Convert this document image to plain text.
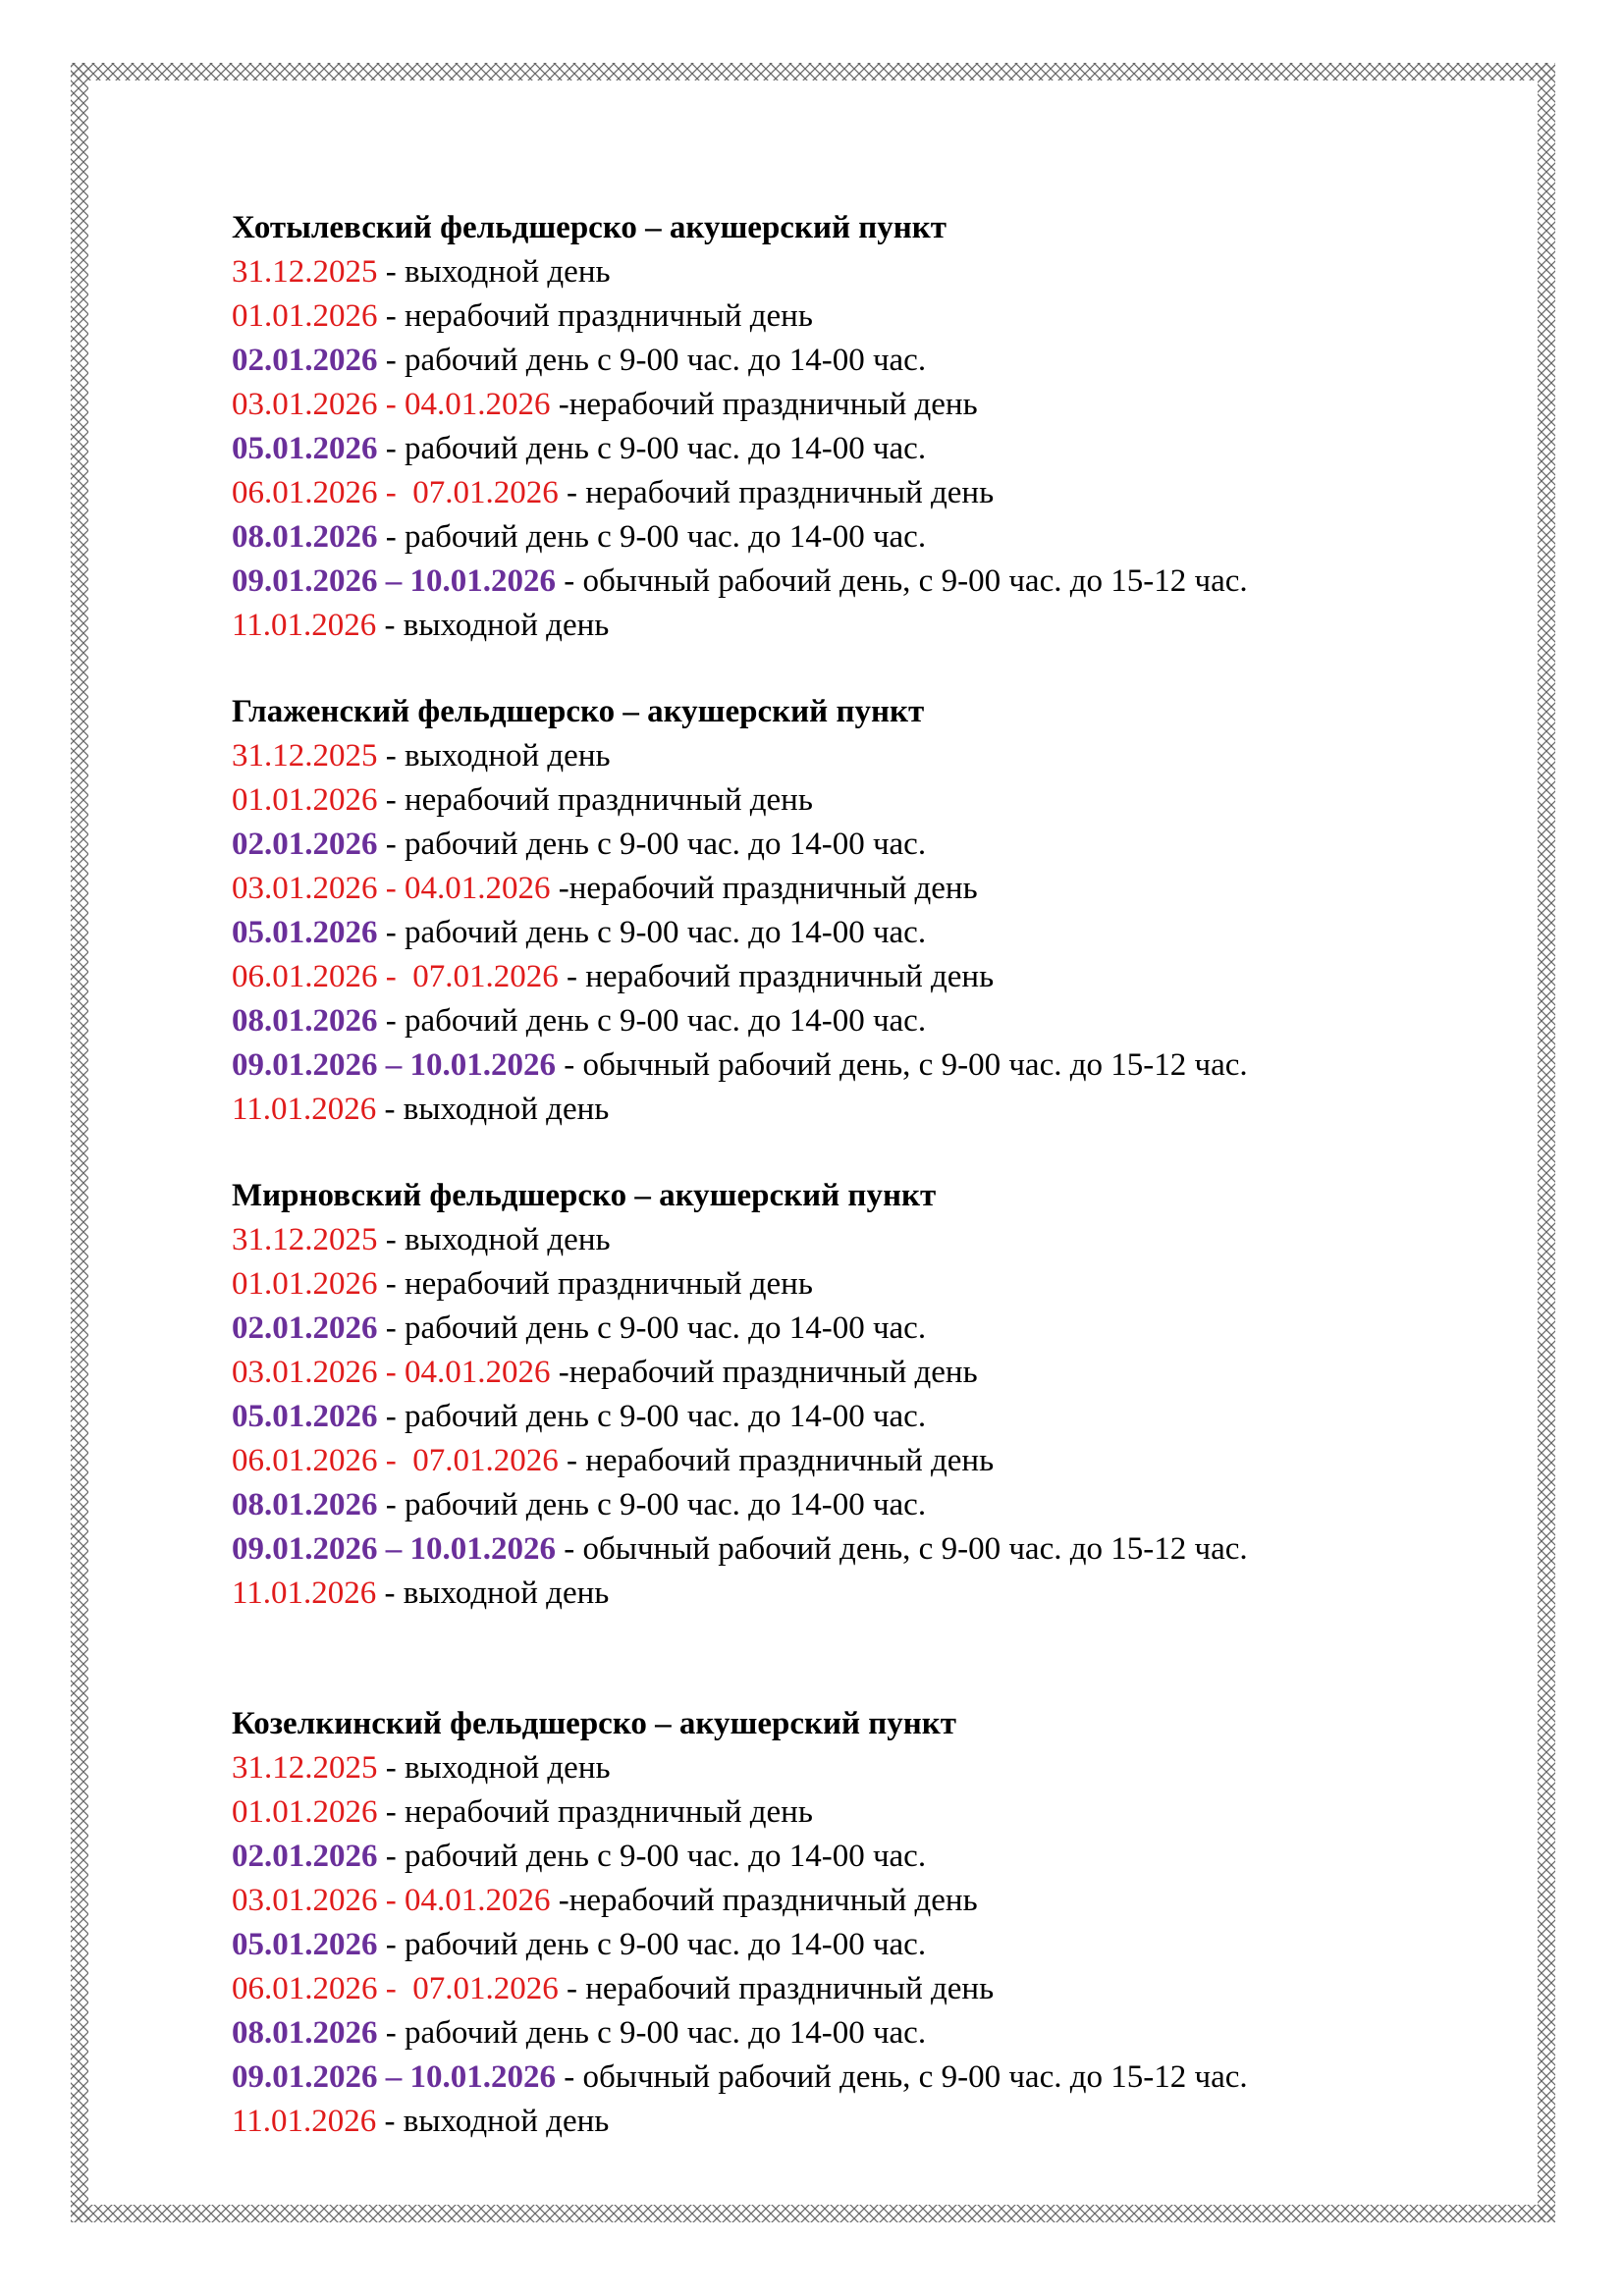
Хотылевский фельдшерско – акушерский пункт
31.12.2025 - выходной день
01.01.2026 - нерабочий праздничный день
02.01.2026 - рабочий день с 9-00 час. до 14-00 час.
03.01.2026 - 04.01.2026 -нерабочий праздничный день
05.01.2026 - рабочий день с 9-00 час. до 14-00 час.
06.01.2026 -  07.01.2026 - нерабочий праздничный день
08.01.2026 - рабочий день с 9-00 час. до 14-00 час.
09.01.2026 – 10.01.2026 - обычный рабочий день, с 9-00 час. до 15-12 час.
11.01.2026 - выходной день
Глаженский фельдшерско – акушерский пункт
31.12.2025 - выходной день
01.01.2026 - нерабочий праздничный день
02.01.2026 - рабочий день с 9-00 час. до 14-00 час.
03.01.2026 - 04.01.2026 -нерабочий праздничный день
05.01.2026 - рабочий день с 9-00 час. до 14-00 час.
06.01.2026 -  07.01.2026 - нерабочий праздничный день
08.01.2026 - рабочий день с 9-00 час. до 14-00 час.
09.01.2026 – 10.01.2026 - обычный рабочий день, с 9-00 час. до 15-12 час.
11.01.2026 - выходной день
Мирновский фельдшерско – акушерский пункт
31.12.2025 - выходной день
01.01.2026 - нерабочий праздничный день
02.01.2026 - рабочий день с 9-00 час. до 14-00 час.
03.01.2026 - 04.01.2026 -нерабочий праздничный день
05.01.2026 - рабочий день с 9-00 час. до 14-00 час.
06.01.2026 -  07.01.2026 - нерабочий праздничный день
08.01.2026 - рабочий день с 9-00 час. до 14-00 час.
09.01.2026 – 10.01.2026 - обычный рабочий день, с 9-00 час. до 15-12 час.
11.01.2026 - выходной день
Козелкинский фельдшерско – акушерский пункт
31.12.2025 - выходной день
01.01.2026 - нерабочий праздничный день
02.01.2026 - рабочий день с 9-00 час. до 14-00 час.
03.01.2026 - 04.01.2026 -нерабочий праздничный день
05.01.2026 - рабочий день с 9-00 час. до 14-00 час.
06.01.2026 -  07.01.2026 - нерабочий праздничный день
08.01.2026 - рабочий день с 9-00 час. до 14-00 час.
09.01.2026 – 10.01.2026 - обычный рабочий день, с 9-00 час. до 15-12 час.
11.01.2026 - выходной день
